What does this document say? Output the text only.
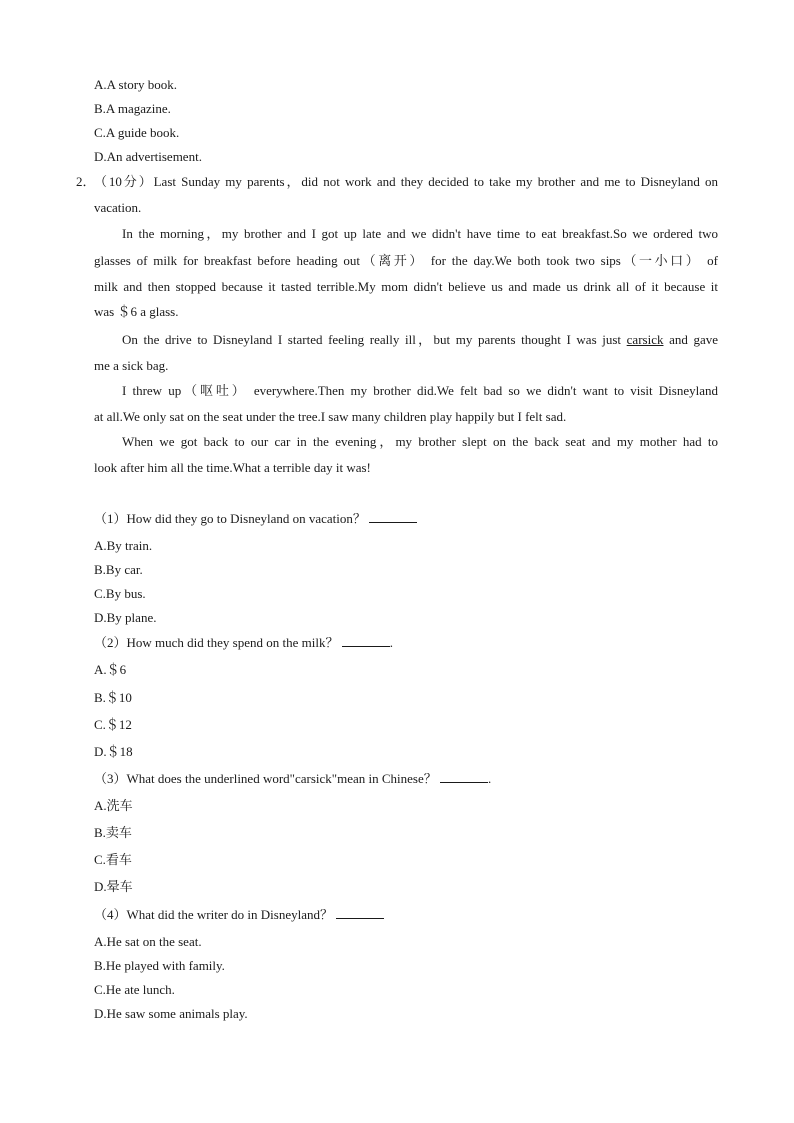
A.A story book.
B.A magazine.
C.A guide book.
D.An advertisement.
2．
（10分）Last Sunday my parents，did not work and they decided to take my brother and me to Disneyland on
vacation.
In the morning，my brother and I got up late and we didn't have time to eat breakfast.So we ordered two
glasses of milk for breakfast before heading out（离开） for the day.We both took two sips（一小口） of
milk and then stopped because it tasted terrible.My mom didn't believe us and made us drink all of it because it
was ＄6 a glass.
On the drive to Disneyland I started feeling really ill，but my parents thought I was just carsick and gave
me a sick bag.
I threw up（呕吐） everywhere.Then my brother did.We felt bad so we didn't want to visit Disneyland
at all.We only sat on the seat under the tree.I saw many children play happily but I felt sad.
When we got back to our car in the evening，my brother slept on the back seat and my mother had to
look after him all the time.What a terrible day it was!
（1）How did they go to Disneyland on vacation？
A.By train.
B.By car.
C.By bus.
D.By plane.
（2）How much did they spend on the milk？	.
A.＄6
B.＄10
C.＄12
D.＄18
（3）What does the underlined word"carsick"mean in Chinese？	.
A.洗车
B.卖车
C.看车
D.晕车
（4）What did the writer do in Disneyland？
A.He sat on the seat.
B.He played with family.
C.He ate lunch.
D.He saw some animals play.
